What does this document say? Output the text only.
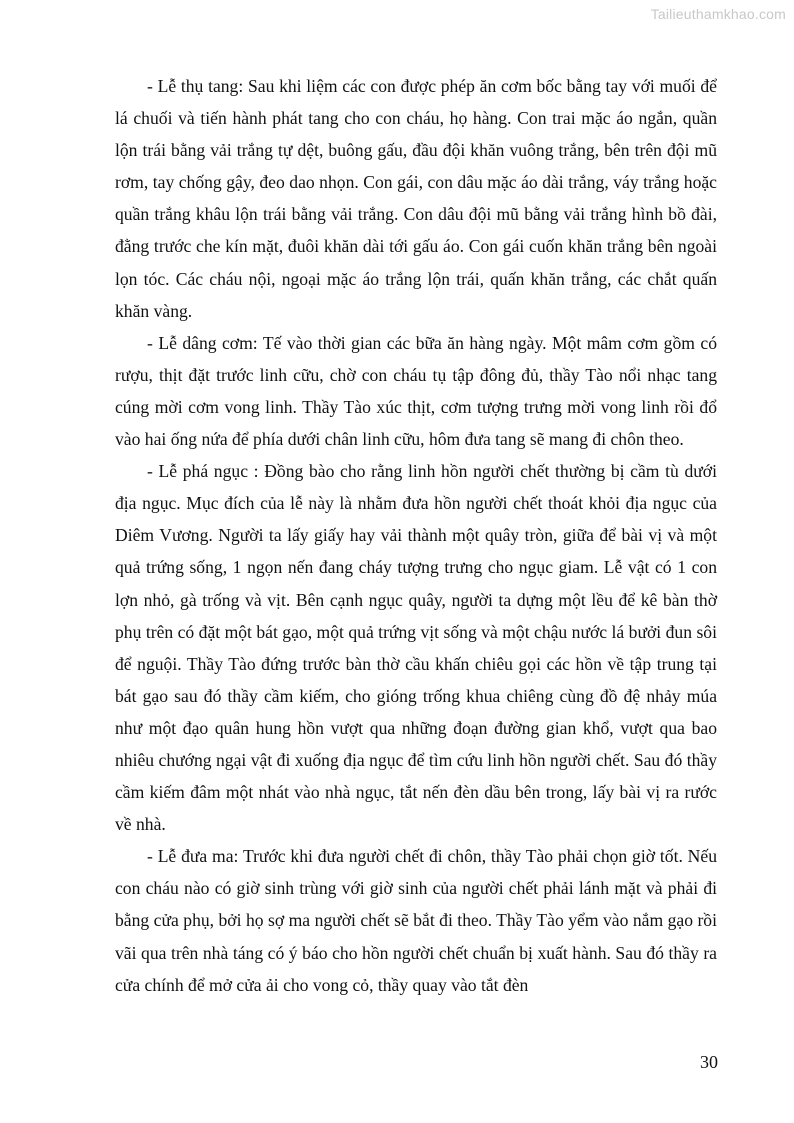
Tailieuthamkhao.com

- Lễ thụ tang: Sau khi liệm các con được phép ăn cơm bốc bằng tay với muối để lá chuối và tiến hành phát tang cho con cháu, họ hàng. Con trai mặc áo ngắn, quần lộn trái bằng vải trắng tự dệt, buông gấu, đầu đội khăn vuông trắng, bên trên đội mũ rơm, tay chống gậy, đeo dao nhọn. Con gái, con dâu mặc áo dài trắng, váy trắng hoặc quần trắng khâu lộn trái bằng vải trắng. Con dâu đội mũ bằng vải trắng hình bồ đài, đằng trước che kín mặt, đuôi khăn dài tới gấu áo. Con gái cuốn khăn trắng bên ngoài lọn tóc. Các cháu nội, ngoại mặc áo trắng lộn trái, quấn khăn trắng, các chắt quấn khăn vàng.

- Lễ dâng cơm: Tế vào thời gian các bữa ăn hàng ngày. Một mâm cơm gồm có rượu, thịt đặt trước linh cữu, chờ con cháu tụ tập đông đủ, thầy Tào nổi nhạc tang cúng mời cơm vong linh. Thầy Tào xúc thịt, cơm tượng trưng mời vong linh rồi đổ vào hai ống nứa để phía dưới chân linh cữu, hôm đưa tang sẽ mang đi chôn theo.

- Lễ phá ngục : Đồng bào cho rằng linh hồn người chết thường bị cầm tù dưới địa ngục. Mục đích của lễ này là nhằm đưa hồn người chết thoát khỏi địa ngục của Diêm Vương. Người ta lấy giấy hay vải thành một quây tròn, giữa để bài vị và một quả trứng sống, 1 ngọn nến đang cháy tượng trưng cho ngục giam. Lễ vật có 1 con lợn nhỏ, gà trống và vịt. Bên cạnh ngục quây, người ta dựng một lều để kê bàn thờ phụ trên có đặt một bát gạo, một quả trứng vịt sống và một chậu nước lá bưởi đun sôi để nguội. Thầy Tào đứng trước bàn thờ cầu khấn chiêu gọi các hồn về tập trung tại bát gạo sau đó thầy cầm kiếm, cho gióng trống khua chiêng cùng đồ đệ nhảy múa như một đạo quân hung hồn vượt qua những đoạn đường gian khổ, vượt qua bao nhiêu chướng ngại vật đi xuống địa ngục để tìm cứu linh hồn người chết. Sau đó thầy cầm kiếm đâm một nhát vào nhà ngục, tắt nến đèn dầu bên trong, lấy bài vị ra rước về nhà.

- Lễ đưa ma: Trước khi đưa người chết đi chôn, thầy Tào phải chọn giờ tốt. Nếu con cháu nào có giờ sinh trùng với giờ sinh của người chết phải lánh mặt và phải đi bằng cửa phụ, bởi họ sợ ma người chết sẽ bắt đi theo. Thầy Tào yểm vào nắm gạo rồi vãi qua trên nhà táng có ý báo cho hồn người chết chuẩn bị xuất hành. Sau đó thầy ra cửa chính để mở cửa ải cho vong cỏ, thầy quay vào tắt đèn

30
